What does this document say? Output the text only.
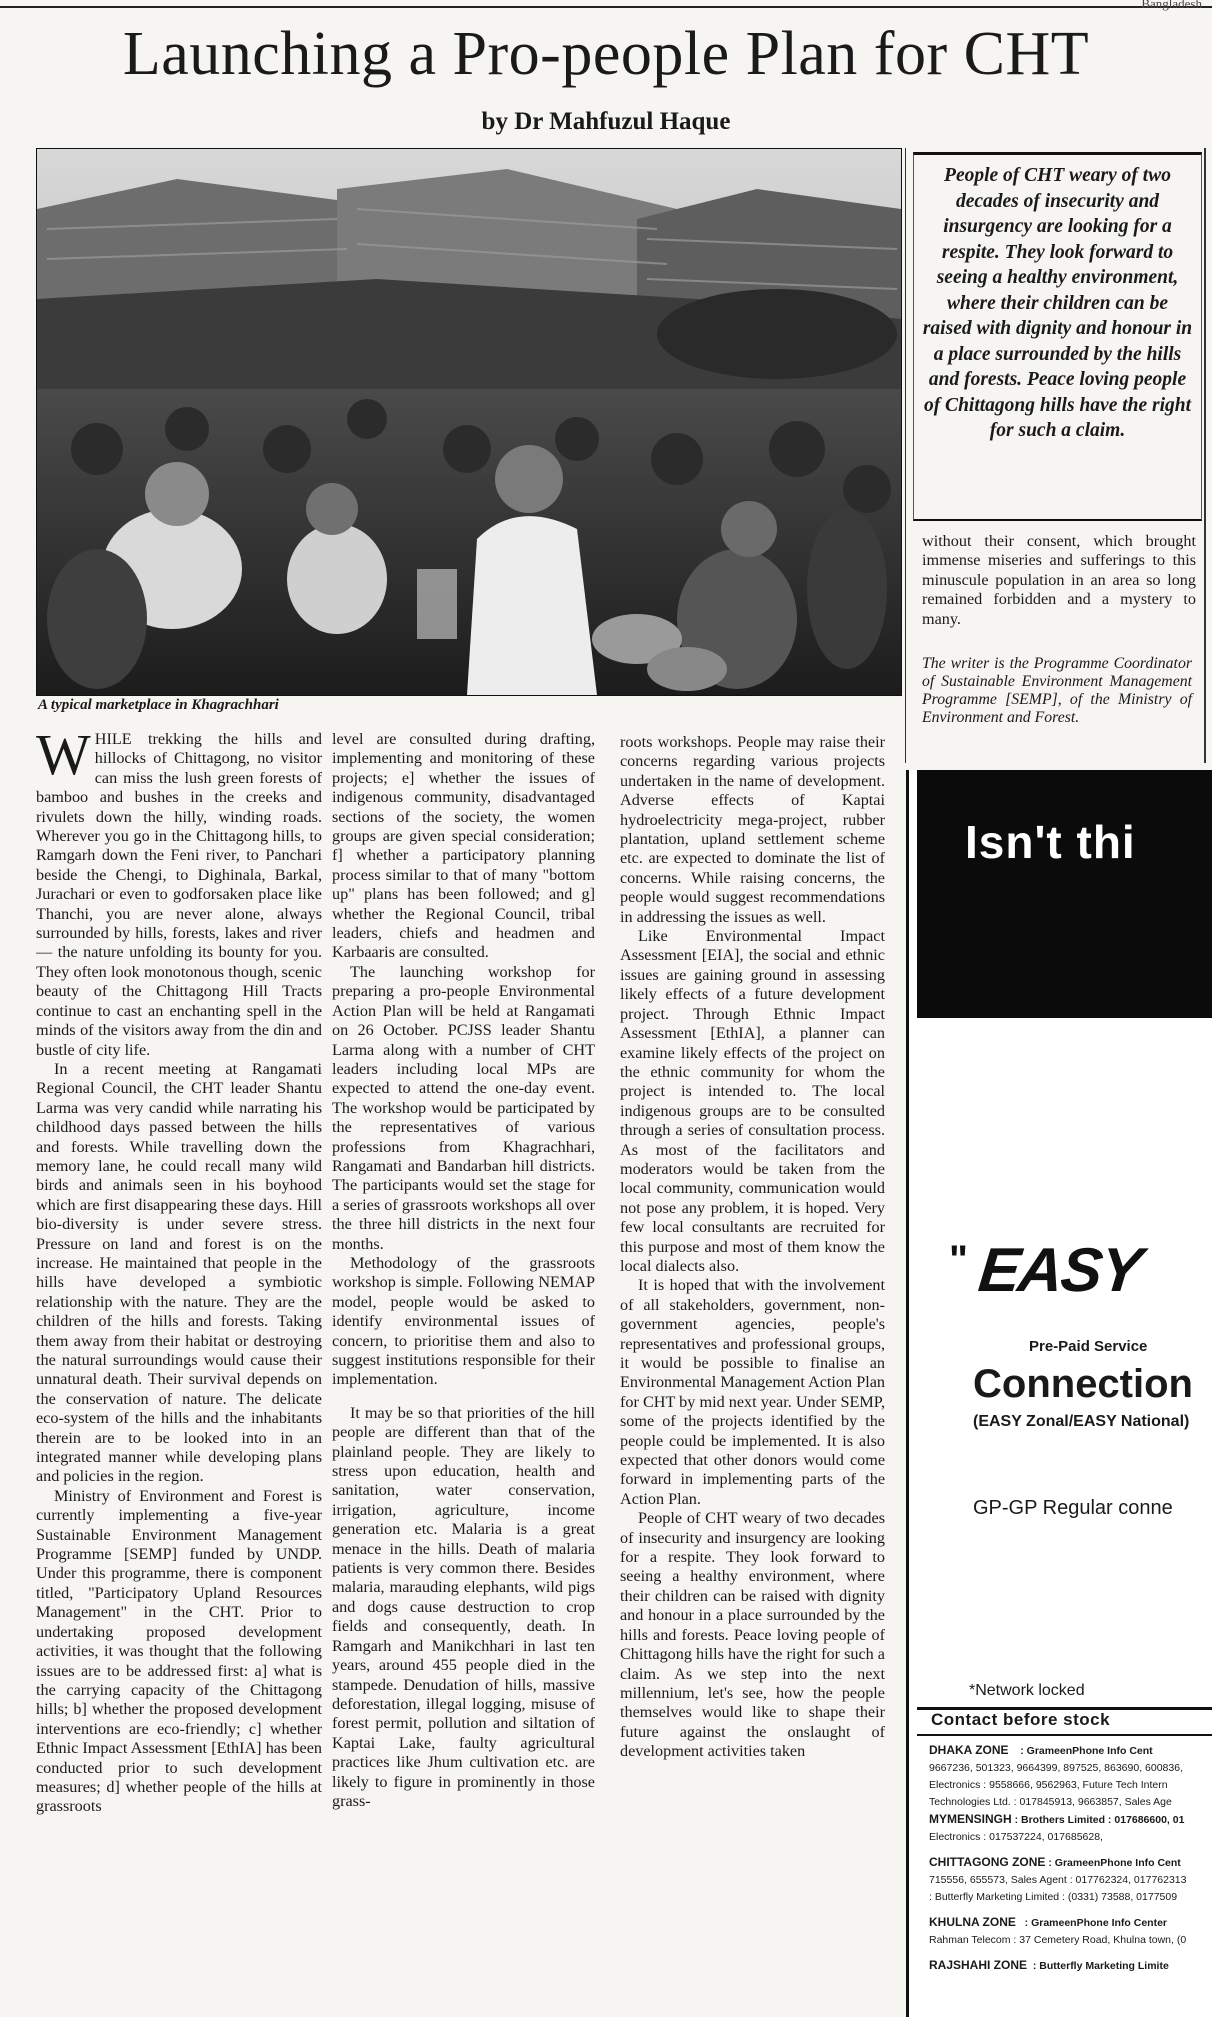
Bangladesh
Launching a Pro-people Plan for CHT
by Dr Mahfuzul Haque
A typical marketplace in Khagrachhari
People of CHT weary of two decades of insecurity and insurgency are looking for a respite. They look forward to seeing a healthy environment, where their children can be raised with dignity and honour in a place surrounded by the hills and forests. Peace loving people of Chittagong hills have the right for such a claim.

without their consent, which brought immense miseries and sufferings to this minuscule population in an area so long remained forbidden and a mystery to many.

The writer is the Programme Coordinator of Sustainable Environment Management Programme [SEMP], of the Ministry of Environment and Forest.

WHILE trekking the hills and hillocks of Chittagong, no visitor can miss the lush green forests of bamboo and bushes in the creeks and rivulets down the hilly, winding roads. Wherever you go in the Chittagong hills, to Ramgarh down the Feni river, to Panchari beside the Chengi, to Dighinala, Barkal, Jurachari or even to godforsaken place like Thanchi, you are never alone, always surrounded by hills, forests, lakes and river — the nature unfolding its bounty for you. They often look monotonous though, scenic beauty of the Chittagong Hill Tracts continue to cast an enchanting spell in the minds of the visitors away from the din and bustle of city life.

In a recent meeting at Rangamati Regional Council, the CHT leader Shantu Larma was very candid while narrating his childhood days passed between the hills and forests. While travelling down the memory lane, he could recall many wild birds and animals seen in his boyhood which are first disappearing these days. Hill bio-diversity is under severe stress. Pressure on land and forest is on the increase. He maintained that people in the hills have developed a symbiotic relationship with the nature. They are the children of the hills and forests. Taking them away from their habitat or destroying the natural surroundings would cause their unnatural death. Their survival depends on the conservation of nature. The delicate eco-system of the hills and the inhabitants therein are to be looked into in an integrated manner while developing plans and policies in the region.

Ministry of Environment and Forest is currently implementing a five-year Sustainable Environment Management Programme [SEMP] funded by UNDP. Under this programme, there is component titled, "Participatory Upland Resources Management" in the CHT. Prior to undertaking proposed development activities, it was thought that the following issues are to be addressed first: a] what is the carrying capacity of the Chittagong hills; b] whether the proposed development interventions are eco-friendly; c] whether Ethnic Impact Assessment [EthIA] has been conducted prior to such development measures; d] whether people of the hills at grassroots

level are consulted during drafting, implementing and monitoring of these projects; e] whether the issues of indigenous community, disadvantaged sections of the society, the women groups are given special consideration; f] whether a participatory planning process similar to that of many "bottom up" plans has been followed; and g] whether the Regional Council, tribal leaders, chiefs and headmen and Karbaaris are consulted.

The launching workshop for preparing a pro-people Environmental Action Plan will be held at Rangamati on 26 October. PCJSS leader Shantu Larma along with a number of CHT leaders including local MPs are expected to attend the one-day event. The workshop would be participated by the representatives of various professions from Khagrachhari, Rangamati and Bandarban hill districts. The participants would set the stage for a series of grassroots workshops all over the three hill districts in the next four months.

Methodology of the grassroots workshop is simple. Following NEMAP model, people would be asked to identify environmental issues of concern, to prioritise them and also to suggest institutions responsible for their implementation.

It may be so that priorities of the hill people are different than that of the plainland people. They are likely to stress upon education, health and sanitation, water conservation, irrigation, agriculture, income generation etc. Malaria is a great menace in the hills. Death of malaria patients is very common there. Besides malaria, marauding elephants, wild pigs and dogs cause destruction to crop fields and consequently, death. In Ramgarh and Manikchhari in last ten years, around 455 people died in the stampede. Denudation of hills, massive deforestation, illegal logging, misuse of forest permit, pollution and siltation of Kaptai Lake, faulty agricultural practices like Jhum cultivation etc. are likely to figure in prominently in those grass-

roots workshops. People may raise their concerns regarding various projects undertaken in the name of development. Adverse effects of Kaptai hydroelectricity mega-project, rubber plantation, upland settlement scheme etc. are expected to dominate the list of concerns. While raising concerns, the people would suggest recommendations in addressing the issues as well.

Like Environmental Impact Assessment [EIA], the social and ethnic issues are gaining ground in assessing likely effects of a future development project. Through Ethnic Impact Assessment [EthIA], a planner can examine likely effects of the project on the ethnic community for whom the project is intended to. The local indigenous groups are to be consulted through a series of consultation process. As most of the facilitators and moderators would be taken from the local community, communication would not pose any problem, it is hoped. Very few local consultants are recruited for this purpose and most of them know the local dialects also.

It is hoped that with the involvement of all stakeholders, government, non-government agencies, people's representatives and professional groups, it would be possible to finalise an Environmental Management Action Plan for CHT by mid next year. Under SEMP, some of the projects identified by the people could be implemented. It is also expected that other donors would come forward in implementing parts of the Action Plan.

People of CHT weary of two decades of insecurity and insurgency are looking for a respite. They look forward to seeing a healthy environment, where their children can be raised with dignity and honour in a place surrounded by the hills and forests. Peace loving people of Chittagong hills have the right for such a claim. As we step into the next millennium, let's see, how the people themselves would like to shape their future against the onslaught of development activities taken

Isn't thi
" EASY
Pre-Paid Service
Connection
(EASY Zonal/EASY National)
GP-GP Regular conne
*Network locked
Contact before stock
DHAKA ZONE : GrameenPhone Info Cent
9667236, 501323, 9664399, 897525, 863690, 600836,
Electronics : 9558666, 9562963, Future Tech Intern
Technologies Ltd. : 017845913, 9663857, Sales Age
MYMENSINGH : Brothers Limited : 017686600, 01
Electronics : 017537224, 017685628,
CHITTAGONG ZONE : GrameenPhone Info Cent
715556, 655573, Sales Agent : 017762324, 017762313
: Butterfly Marketing Limited : (0331) 73588, 0177509
KHULNA ZONE : GrameenPhone Info Center
Rahman Telecom : 37 Cemetery Road, Khulna town, (0
RAJSHAHI ZONE : Butterfly Marketing Limite
